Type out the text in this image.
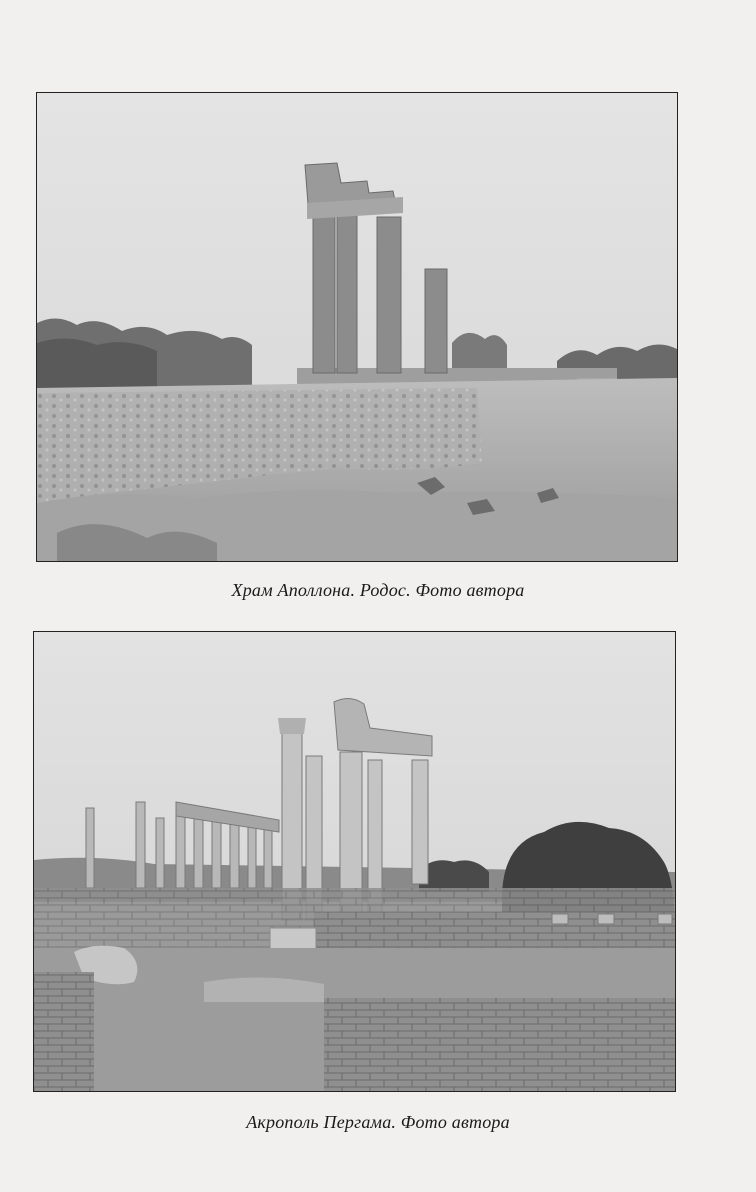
Храм Аполлона. Родос. Фото автора
Акрополь Пергама. Фото автора
